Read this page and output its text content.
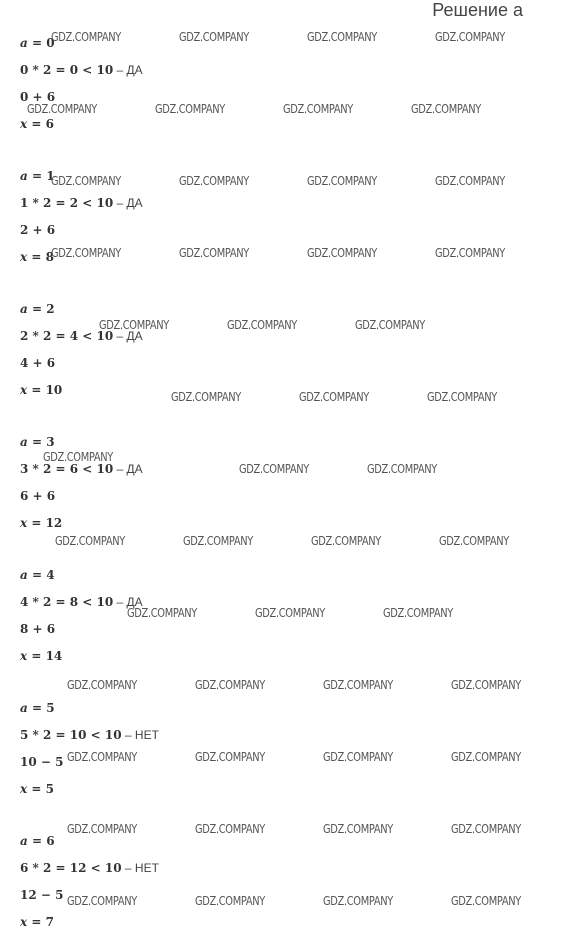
Решение а
a = 0
0 * 2 = 0 < 10 – ДА
0 + 6
x = 6
a = 1
1 * 2 = 2 < 10 – ДА
2 + 6
x = 8
a = 2
2 * 2 = 4 < 10 – ДА
4 + 6
x = 10
a = 3
3 * 2 = 6 < 10 – ДА
6 + 6
x = 12
a = 4
4 * 2 = 8 < 10 – ДА
8 + 6
x = 14
a = 5
5 * 2 = 10 < 10 – НЕТ
10 − 5
x = 5
a = 6
6 * 2 = 12 < 10 – НЕТ
12 − 5
x = 7
GDZ.COMPANY	GDZ.COMPANY	GDZ.COMPANY	GDZ.COMPANY
GDZ.COMPANY	GDZ.COMPANY	GDZ.COMPANY	GDZ.COMPANY
GDZ.COMPANY	GDZ.COMPANY	GDZ.COMPANY	GDZ.COMPANY
GDZ.COMPANY	GDZ.COMPANY	GDZ.COMPANY	GDZ.COMPANY
GDZ.COMPANY	GDZ.COMPANY	GDZ.COMPANY
GDZ.COMPANY	GDZ.COMPANY	GDZ.COMPANY
GDZ.COMPANY
GDZ.COMPANY	GDZ.COMPANY
GDZ.COMPANY	GDZ.COMPANY	GDZ.COMPANY	GDZ.COMPANY
GDZ.COMPANY	GDZ.COMPANY	GDZ.COMPANY
GDZ.COMPANY	GDZ.COMPANY	GDZ.COMPANY	GDZ.COMPANY
GDZ.COMPANY	GDZ.COMPANY	GDZ.COMPANY	GDZ.COMPANY
GDZ.COMPANY	GDZ.COMPANY	GDZ.COMPANY	GDZ.COMPANY
GDZ.COMPANY	GDZ.COMPANY	GDZ.COMPANY	GDZ.COMPANY
